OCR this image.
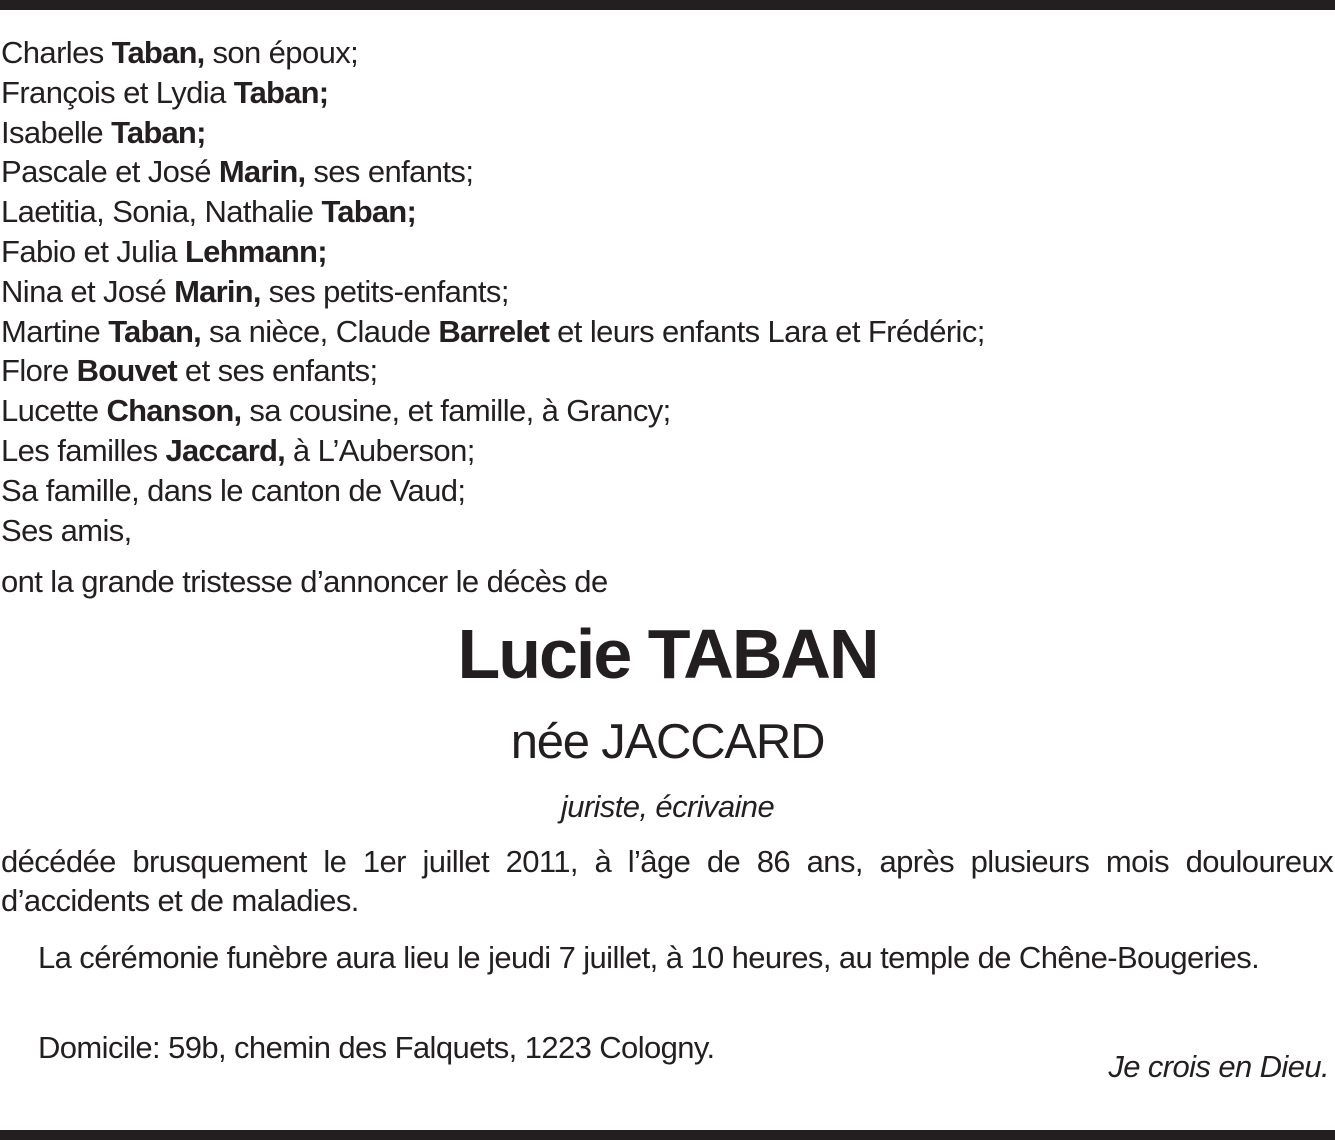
Charles Taban, son époux;
François et Lydia Taban;
Isabelle Taban;
Pascale et José Marin, ses enfants;
Laetitia, Sonia, Nathalie Taban;
Fabio et Julia Lehmann;
Nina et José Marin, ses petits-enfants;
Martine Taban, sa nièce, Claude Barrelet et leurs enfants Lara et Frédéric;
Flore Bouvet et ses enfants;
Lucette Chanson, sa cousine, et famille, à Grancy;
Les familles Jaccard, à L’Auberson;
Sa famille, dans le canton de Vaud;
Ses amis,
ont la grande tristesse d’annoncer le décès de
Lucie TABAN
née JACCARD
juriste, écrivaine
décédée brusquement le 1er juillet 2011, à l’âge de 86 ans, après plusieurs mois douloureux d’accidents et de maladies.
La cérémonie funèbre aura lieu le jeudi 7 juillet, à 10 heures, au temple de Chêne-Bougeries.
Domicile: 59b, chemin des Falquets, 1223 Cologny.
Je crois en Dieu.
